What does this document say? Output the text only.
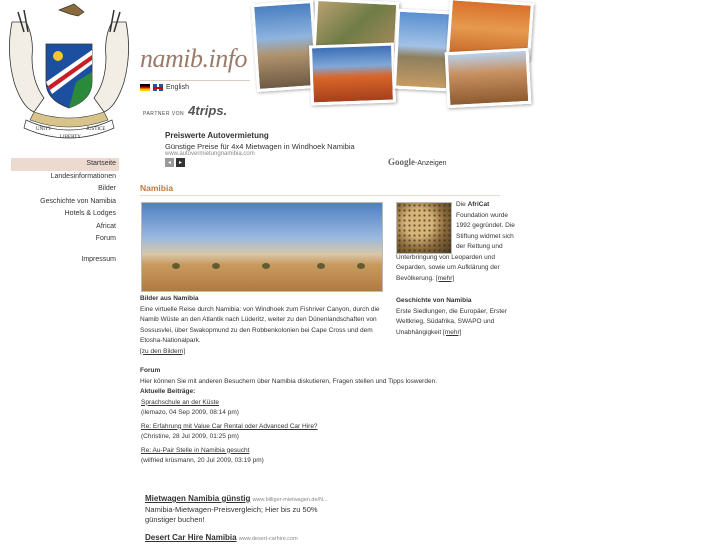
UNITY	JUSTICE
LIBERTY
namib.info
English
PARTNER VON 4trips.
Preiswerte Autovermietung
Günstige Preise für 4x4 Mietwagen in Windhoek Namibia
www.autovermietungnamibia.com
◂	▸	Google-Anzeigen
Startseite
Landesinformationen
Bilder
Geschichte von Namibia
Hotels & Lodges
Africat
Forum
Impressum
Namibia
Bilder aus Namibia
Eine virtuelle Reise durch Namibia: von Windhoek zum Fishriver Canyon, durch die Namib Wüste an den Atlantik nach Lüderitz, weiter zu den Dünenlandschaften von Sossusvlei, über Swakopmund zu den Robbenkolonien bei Cape Cross und dem Etosha-Nationalpark.
[zu den Bildern]
Die AfriCat
Foundation wurde
1992 gegründet. Die
Stiftung widmet sich
der Rettung und
Unterbringung von Leoparden und Geparden, sowie um Aufklärung der Bevölkerung. [mehr]
Geschichte von Namibia
Erste Siedlungen, die Europäer, Erster Weltkrieg, Südafrika, SWAPO und Unabhängigkeit [mehr]
Forum
Hier können Sie mit anderen Besuchern über Namibia diskutieren, Fragen stellen und Tipps loswerden.
Aktuelle Beiträge:
Sprachschule an der Küste
(ilemazo, 04 Sep 2009, 08:14 pm)
Re: Erfahrung mit Value Car Rental oder Advanced Car Hire?
(Christine, 28 Jul 2009, 01:25 pm)
Re: Au-Pair Stelle in Namibia gesucht
(wilfried krüsmann, 20 Jul 2009, 03:19 pm)
Mietwagen Namibia günstig www.billiger-mietwagen.de/N...
Namibia-Mietwagen-Preisvergleich; Hier bis zu 50% günstiger buchen!
Desert Car Hire Namibia www.desert-carhire.com
